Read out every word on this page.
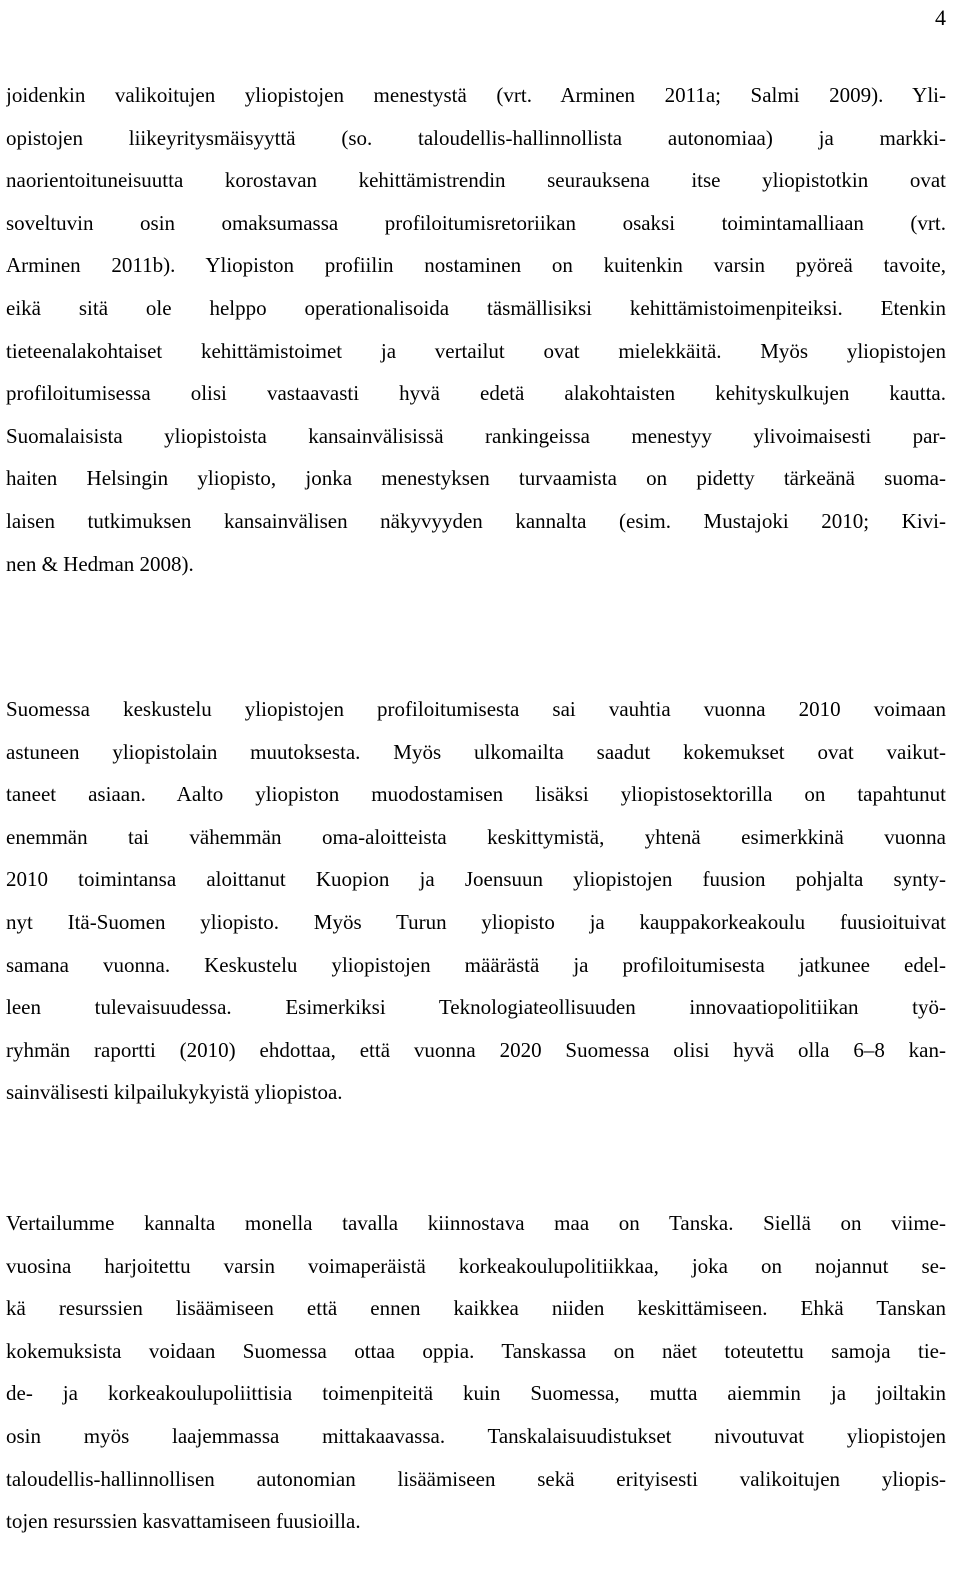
4
joidenkin valikoitujen yliopistojen menestystä (vrt. Arminen 2011a; Salmi 2009). Yli-
opistojen liikeyritysmäisyyttä (so. taloudellis-hallinnollista autonomiaa) ja markki-
naorientoituneisuutta korostavan kehittämistrendin seurauksena itse yliopistotkin ovat
soveltuvin osin omaksumassa profiloitumisretoriikan osaksi toimintamalliaan (vrt.
Arminen 2011b). Yliopiston profiilin nostaminen on kuitenkin varsin pyöreä tavoite,
eikä sitä ole helppo operationalisoida täsmällisiksi kehittämistoimenpiteiksi. Etenkin
tieteenalakohtaiset kehittämistoimet ja vertailut ovat mielekkäitä. Myös yliopistojen
profiloitumisessa olisi vastaavasti hyvä edetä alakohtaisten kehityskulkujen kautta.
Suomalaisista yliopistoista kansainvälisissä rankingeissa menestyy ylivoimaisesti par-
haiten Helsingin yliopisto, jonka menestyksen turvaamista on pidetty tärkeänä suoma-
laisen tutkimuksen kansainvälisen näkyvyyden kannalta (esim. Mustajoki 2010; Kivi-
nen & Hedman 2008).
Suomessa keskustelu yliopistojen profiloitumisesta sai vauhtia vuonna 2010 voimaan
astuneen yliopistolain muutoksesta. Myös ulkomailta saadut kokemukset ovat vaikut-
taneet asiaan. Aalto yliopiston muodostamisen lisäksi yliopistosektorilla on tapahtunut
enemmän tai vähemmän oma-aloitteista keskittymistä, yhtenä esimerkkinä vuonna
2010 toimintansa aloittanut Kuopion ja Joensuun yliopistojen fuusion pohjalta synty-
nyt Itä-Suomen yliopisto. Myös Turun yliopisto ja kauppakorkeakoulu fuusioituivat
samana vuonna. Keskustelu yliopistojen määrästä ja profiloitumisesta jatkunee edel-
leen tulevaisuudessa. Esimerkiksi Teknologiateollisuuden innovaatiopolitiikan työ-
ryhmän raportti (2010) ehdottaa, että vuonna 2020 Suomessa olisi hyvä olla 6–8 kan-
sainvälisesti kilpailukykyistä yliopistoa.
Vertailumme kannalta monella tavalla kiinnostava maa on Tanska. Siellä on viime-
vuosina harjoitettu varsin voimaperäistä korkeakoulupolitiikkaa, joka on nojannut se-
kä resurssien lisäämiseen että ennen kaikkea niiden keskittämiseen. Ehkä Tanskan
kokemuksista voidaan Suomessa ottaa oppia. Tanskassa on näet toteutettu samoja tie-
de- ja korkeakoulupoliittisia toimenpiteitä kuin Suomessa, mutta aiemmin ja joiltakin
osin myös laajemmassa mittakaavassa. Tanskalaisuudistukset nivoutuvat yliopistojen
taloudellis-hallinnollisen autonomian lisäämiseen sekä erityisesti valikoitujen yliopis-
tojen resurssien kasvattamiseen fuusioilla.
